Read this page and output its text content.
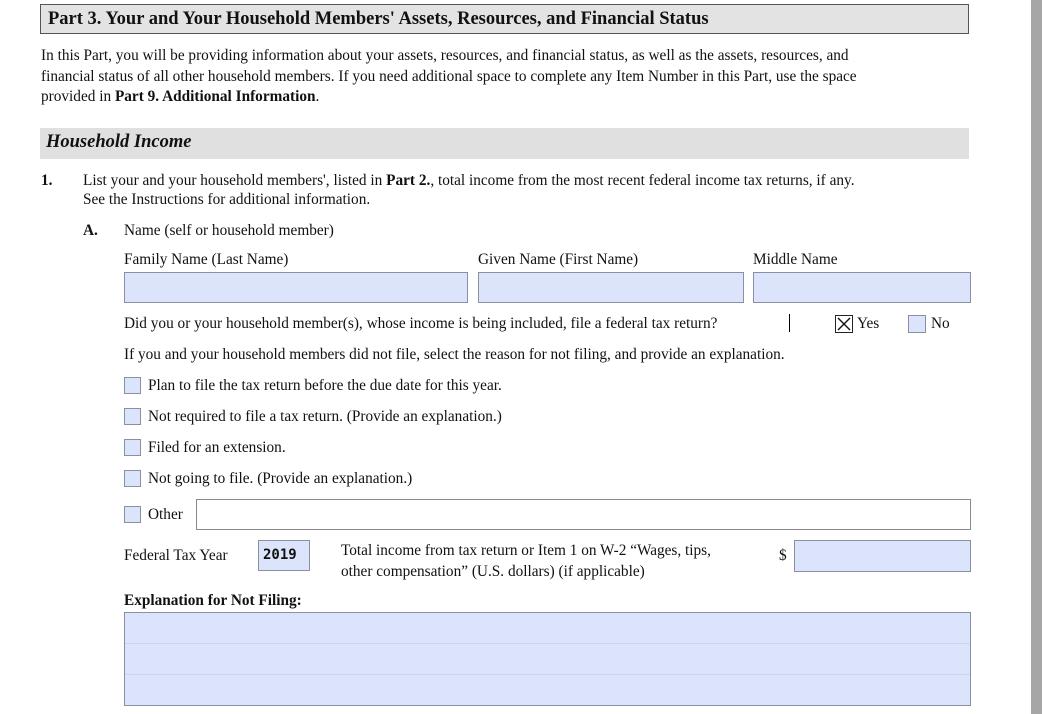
Part 3. Your and Your Household Members' Assets, Resources, and Financial Status
In this Part, you will be providing information about your assets, resources, and financial status, as well as the assets, resources, and
financial status of all other household members. If you need additional space to complete any Item Number in this Part, use the space
provided in Part 9. Additional Information.
Household Income
1. List your and your household members', listed in Part 2., total income from the most recent federal income tax returns, if any.
See the Instructions for additional information.
A. Name (self or household member)
Family Name (Last Name)	Given Name (First Name)	Middle Name
Did you or your household member(s), whose income is being included, file a federal tax return?	Yes	No
If you and your household members did not file, select the reason for not filing, and provide an explanation.
Plan to file the tax return before the due date for this year.
Not required to file a tax return. (Provide an explanation.)
Filed for an extension.
Not going to file. (Provide an explanation.)
Other
Federal Tax Year	2019	Total income from tax return or Item 1 on W-2 “Wages, tips,
other compensation” (U.S. dollars) (if applicable)
$
Explanation for Not Filing:
